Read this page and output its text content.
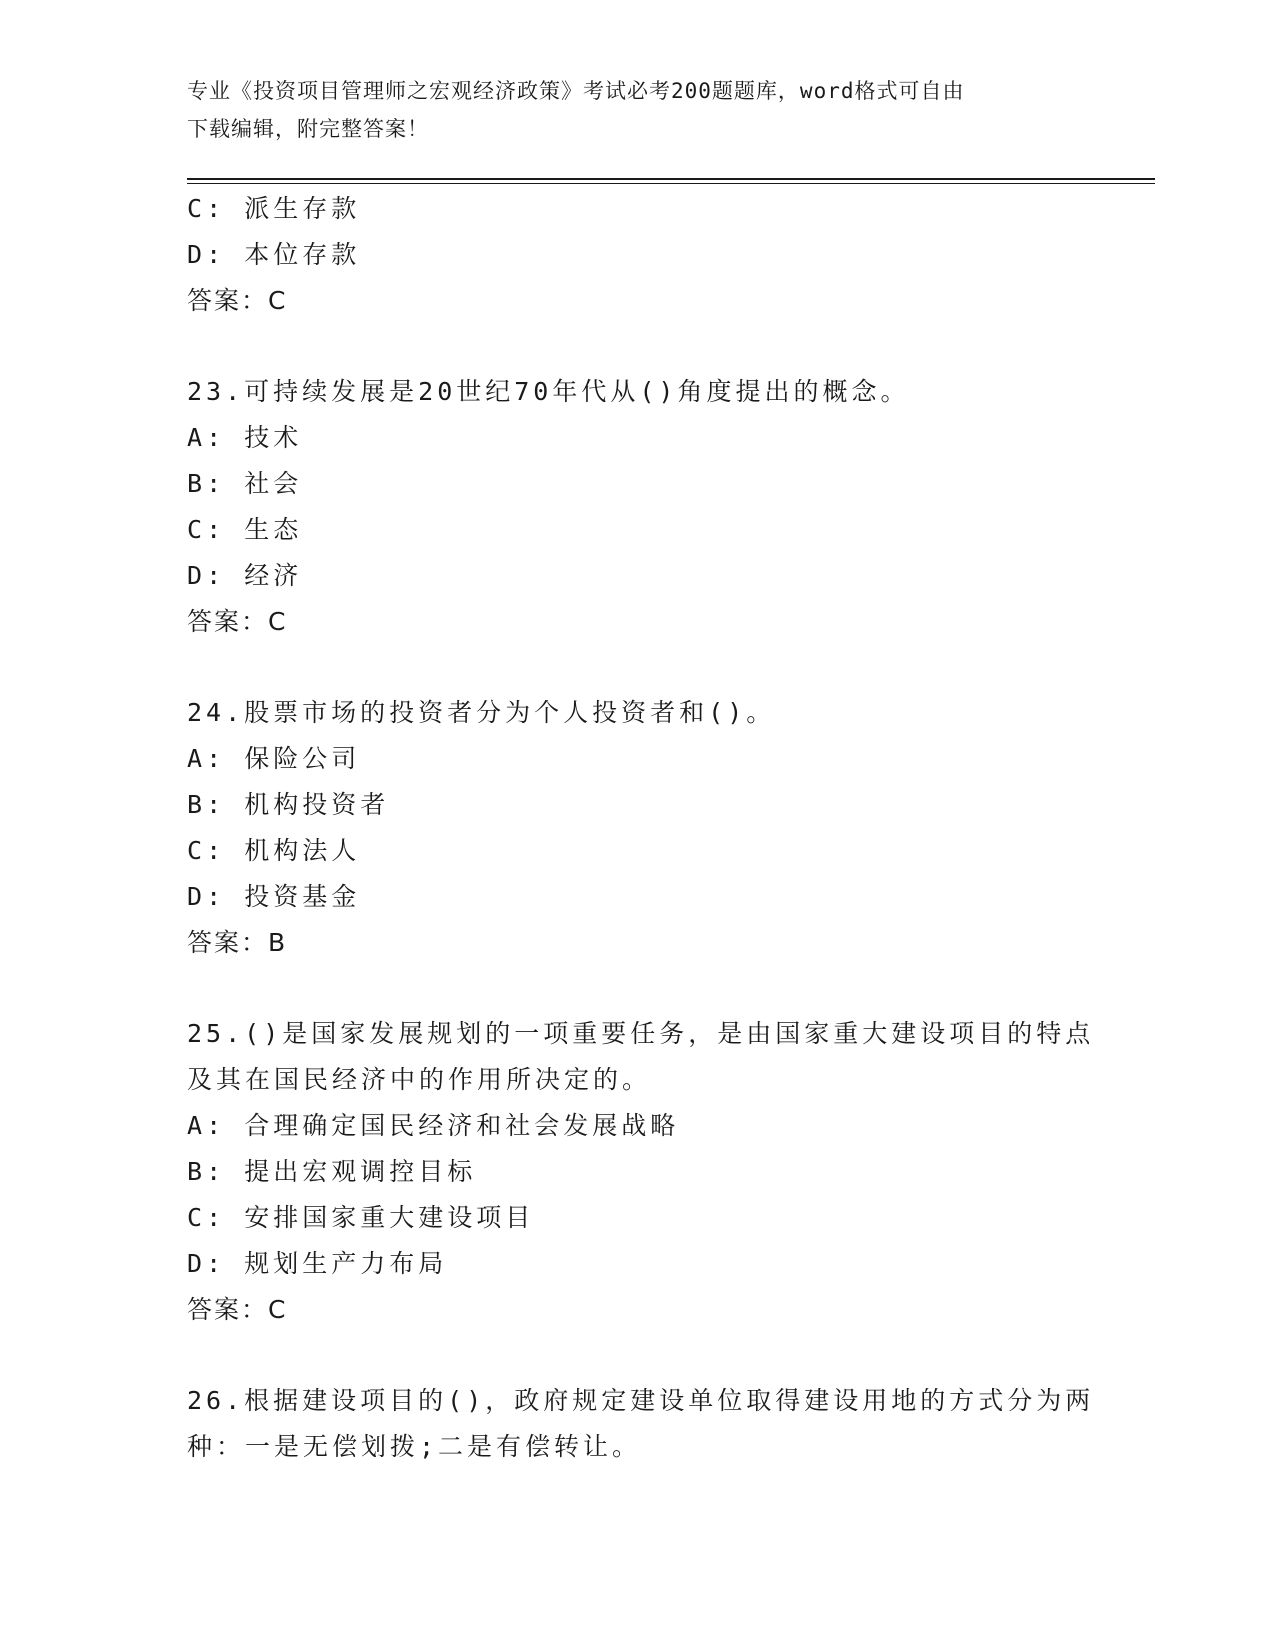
专业《投资项目管理师之宏观经济政策》考试必考200题题库，word格式可自由
下载编辑，附完整答案！
C: 派生存款
D: 本位存款
答案：C
23.可持续发展是20世纪70年代从()角度提出的概念。
A: 技术
B: 社会
C: 生态
D: 经济
答案：C
24.股票市场的投资者分为个人投资者和()。
A: 保险公司
B: 机构投资者
C: 机构法人
D: 投资基金
答案：B
25.()是国家发展规划的一项重要任务，是由国家重大建设项目的特点
及其在国民经济中的作用所决定的。
A: 合理确定国民经济和社会发展战略
B: 提出宏观调控目标
C: 安排国家重大建设项目
D: 规划生产力布局
答案：C
26.根据建设项目的()，政府规定建设单位取得建设用地的方式分为两
种：一是无偿划拨;二是有偿转让。
